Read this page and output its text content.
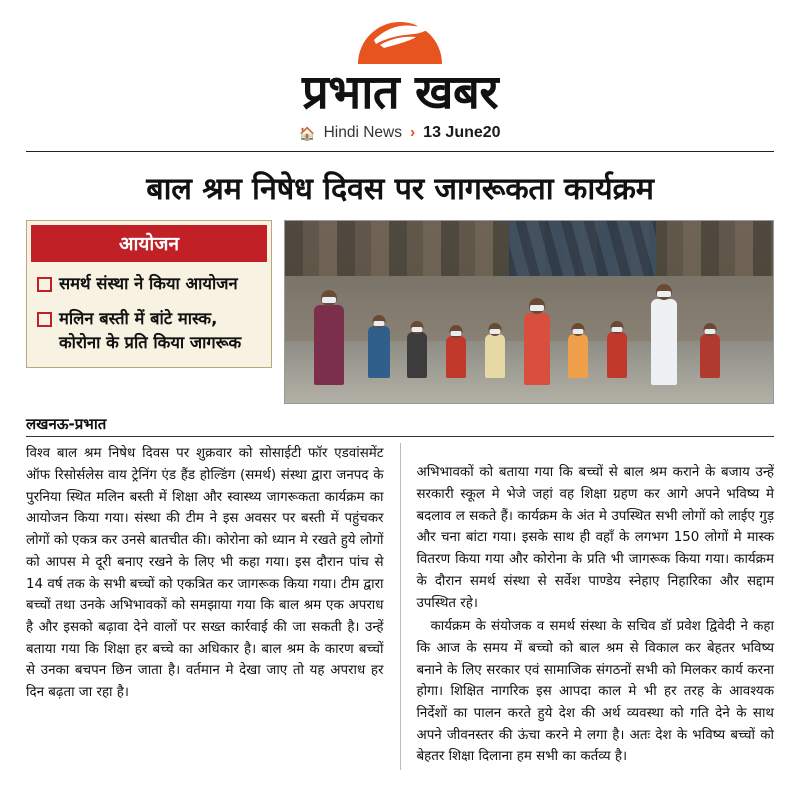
प्रभात खबर
🏠 Hindi News › 13 June20
बाल श्रम निषेध दिवस पर जागरूकता कार्यक्रम
आयोजन
समर्थ संस्था ने किया आयोजन
मलिन बस्ती में बांटे मास्क, कोरोना के प्रति किया जागरूक
लखनऊ-प्रभात

विश्व बाल श्रम निषेध दिवस पर शुक्रवार को सोसाईटी फॉर एडवांसमेंट ऑफ रिसोर्सलेस वाय ट्रेनिंग एंड हैंड होल्डिंग (समर्थ) संस्था द्वारा जनपद के पुरनिया स्थित मलिन बस्ती में शिक्षा और स्वास्थ्य जागरूकता कार्यक्रम का आयोजन किया गया। संस्था की टीम ने इस अवसर पर बस्ती में पहुंचकर लोगों को एकत्र कर उनसे बातचीत की। कोरोना को ध्यान मे रखते हुये लोगों को आपस मे दूरी बनाए रखने के लिए भी कहा गया। इस दौरान पांच से 14 वर्ष तक के सभी बच्चों को एकत्रित कर जागरूक किया गया। टीम द्वारा बच्चों तथा उनके अभिभावकों को समझाया गया कि बाल श्रम एक अपराध है और इसको बढ़ावा देने वालों पर सख्त कार्रवाई की जा सकती है। उन्हें बताया गया कि शिक्षा हर बच्चे का अधिकार है। बाल श्रम के कारण बच्चों से उनका बचपन छिन जाता है। वर्तमान मे देखा जाए तो यह अपराध हर दिन बढ़ता जा रहा है।

अभिभावकों को बताया गया कि बच्चों से बाल श्रम कराने के बजाय उन्हें सरकारी स्कूल मे भेजे जहां वह शिक्षा ग्रहण कर आगे अपने भविष्य मे बदलाव ल सकते हैं। कार्यक्रम के अंत मे उपस्थित सभी लोगों को लाईए गुड़ और चना बांटा गया। इसके साथ ही वहाँ के लगभग 150 लोगों मे मास्क वितरण किया गया और कोरोना के प्रति भी जागरूक किया गया। कार्यक्रम के दौरान समर्थ संस्था से सर्वेश पाण्डेय स्नेहाए निहारिका और सद्दाम उपस्थित रहे।

कार्यक्रम के संयोजक व समर्थ संस्था के सचिव डॉ प्रवेश द्विवेदी ने कहा कि आज के समय में बच्चो को बाल श्रम से विकाल कर बेहतर भविष्य बनाने के लिए सरकार एवं सामाजिक संगठनों सभी को मिलकर कार्य करना होगा। शिक्षित नागरिक इस आपदा काल मे भी हर तरह के आवश्यक निर्देशों का पालन करते हुये देश की अर्थ व्यवस्था को गति देने के साथ अपने जीवनस्तर की ऊंचा करने मे लगा है। अतः देश के भविष्य बच्चों को बेहतर शिक्षा दिलाना हम सभी का कर्तव्य है।
